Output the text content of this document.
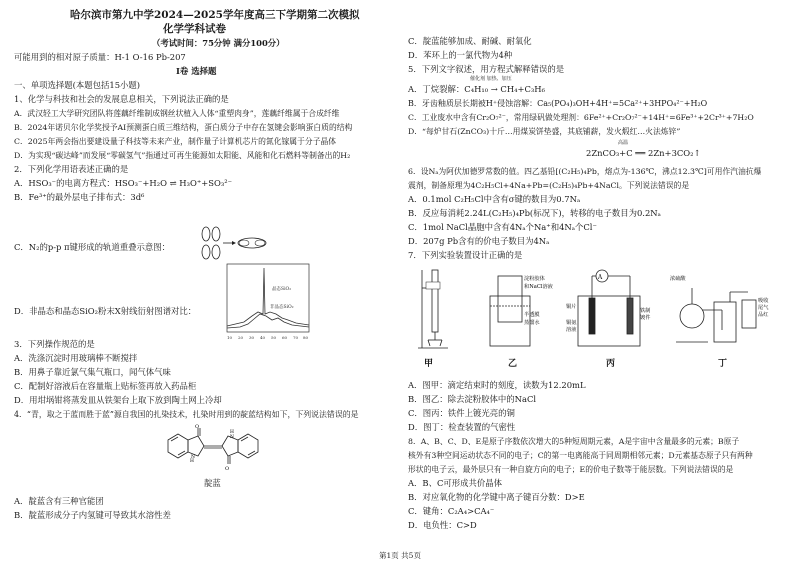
哈尔滨市第九中学2024—2025学年度高三下学期第二次模拟
化学学科试卷
（考试时间：75分钟 满分100分）
可能用到的相对原子质量：H-1 O-16 Pb-207
Ⅰ卷 选择题
一、单项选择题(本题包括15小题)
1、化学与科技和社会的发展息息相关，下列说法正确的是
A．武汉轻工大学研究团队将莲藕纤维制成钢丝状植入人体“重塑肉身”，莲藕纤维属于合成纤维
B．2024年诺贝尔化学奖授予AI预测蛋白质三维结构，蛋白质分子中存在氢键会影响蛋白质的结构
C．2025年两会指出要建设量子科技等未来产业，制作量子计算机芯片的氮化镓属于分子晶体
D．为实现“碳达峰”而发展“零碳氢气”指通过可再生能源如太阳能、风能和化石燃料等制备出的H₂
2．下列化学用语表述正确的是
A．HSO₃⁻的电离方程式：HSO₃⁻+H₂O ⇌ H₃O⁺+SO₃²⁻
B．Fe³⁺的最外层电子排布式：3d⁶
C．N₂的p-p π键形成的轨道重叠示意图：
晶态SiO₂
非晶态SiO₂
10 20 30 40 50 60 70 80
D．非晶态和晶态SiO₂粉末X射线衍射图谱对比：
3．下列操作规范的是
A．洗涤沉淀时用玻璃棒不断搅拌
B．用鼻子靠近氯气集气瓶口，闻气体气味
C．配制好溶液后在容量瓶上贴标签再放入药品柜
D．用坩埚钳将蒸发皿从铁架台上取下放到陶土网上冷却
4．“青，取之于蓝而胜于蓝”源自我国的扎染技术，扎染时用到的靛蓝结构如下，下列说法错误的是
O
O
H
N
N
H
靛蓝
A．靛蓝含有三种官能团
B．靛蓝形成分子内氢键可导致其水溶性差
C．靛蓝能够加成、耐碱、耐氧化
D．苯环上的一氯代物为4种
5．下列文字叙述，用方程式解释错误的是
A．丁烷裂解：C₄H₁₀ → CH₄+C₃H₆
催化剂 加热、加压
B．牙齿釉质层长期被H⁺侵蚀溶解：Ca₅(PO₄)₃OH+4H⁺=5Ca²⁺+3HPO₄²⁻+H₂O
C．工业废水中含有Cr₂O₇²⁻，常用绿矾做处理剂：6Fe²⁺+Cr₂O₇²⁻+14H⁺=6Fe³⁺+2Cr³⁺+7H₂O
D．“每炉甘石(ZnCO₃)十斤…用煤炭饼垫盛，其底铺薪，发火煅红…火法炼锌”
高温
2ZnCO₃+C ══ 2Zn+3CO₂↑
6．设Nₐ为阿伏加德罗常数的值。四乙基铅[(C₂H₅)₄Pb，熔点为-136℃，沸点12.3℃]可用作汽油抗爆
震剂，制备原理为4C₂H₅Cl+4Na+Pb=(C₂H₅)₄Pb+4NaCl。下列说法错误的是
A．0.1mol C₂H₅Cl中含有σ键的数目为0.7Nₐ
B．反应每消耗2.24L(C₂H₅)₄Pb(标况下)，转移的电子数目为0.2Nₐ
C．1mol NaCl晶胞中含有4Nₐ个Na⁺和4Nₐ个Cl⁻
D．207g Pb含有的价电子数目为4Nₐ
7．下列实验装置设计正确的是
甲
淀粉胶体
和NaCl溶液
半透膜
蒸馏水
乙
A
铜片
铜氨
溶液
铁制
镀件
丙
浓硫酸
吸收
尾气
品红
丁
A．图甲：滴定结束时的刻度，读数为12.20mL
B．图乙：除去淀粉胶体中的NaCl
C．图丙：铁件上镀光亮的铜
D．图丁：检查装置的气密性
8．A、B、C、D、E是原子序数依次增大的5种短周期元素，A是宇宙中含量最多的元素；B原子
核外有3种空间运动状态不同的电子；C的第一电离能高于同周期相邻元素；D元素基态原子只有两种
形状的电子云，最外层只有一种自旋方向的电子；E的价电子数等于能层数。下列说法错误的是
A．B、C可形成共价晶体
B．对应氧化物的化学键中离子键百分数：D>E
C．键角：C₂A₄>CA₄⁻
D．电负性：C>D
第1页 共5页
